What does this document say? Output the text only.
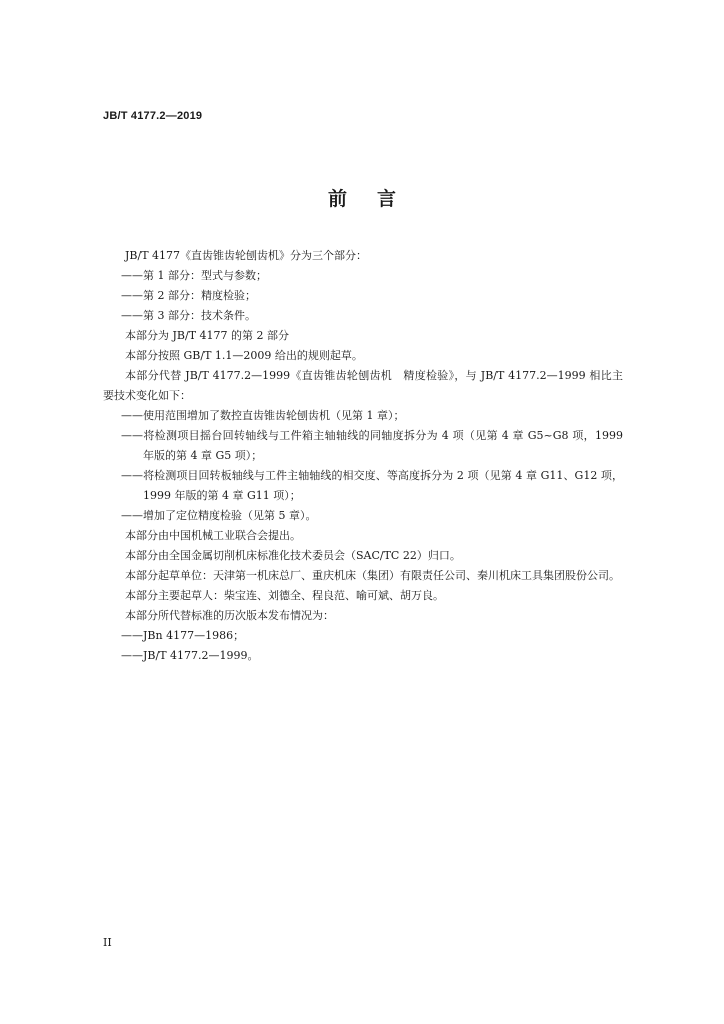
JB/T 4177.2—2019
前言

JB/T 4177《直齿锥齿轮刨齿机》分为三个部分：

——第 1 部分：型式与参数；

——第 2 部分：精度检验；

——第 3 部分：技术条件。

本部分为 JB/T 4177 的第 2 部分

本部分按照 GB/T 1.1—2009 给出的规则起草。

本部分代替 JB/T 4177.2—1999《直齿锥齿轮刨齿机　精度检验》，与 JB/T 4177.2—1999 相比主要技术变化如下：

——使用范围增加了数控直齿锥齿轮刨齿机（见第 1 章）；

——将检测项目摇台回转轴线与工件箱主轴轴线的同轴度拆分为 4 项（见第 4 章 G5~G8 项，1999 年版的第 4 章 G5 项）；

——将检测项目回转板轴线与工件主轴轴线的相交度、等高度拆分为 2 项（见第 4 章 G11、G12 项，1999 年版的第 4 章 G11 项）；

——增加了定位精度检验（见第 5 章）。

本部分由中国机械工业联合会提出。

本部分由全国金属切削机床标准化技术委员会（SAC/TC 22）归口。

本部分起草单位：天津第一机床总厂、重庆机床（集团）有限责任公司、秦川机床工具集团股份公司。

本部分主要起草人：柴宝连、刘德全、程良范、喻可斌、胡万良。

本部分所代替标准的历次版本发布情况为：

——JBn 4177—1986；

——JB/T 4177.2—1999。

II
